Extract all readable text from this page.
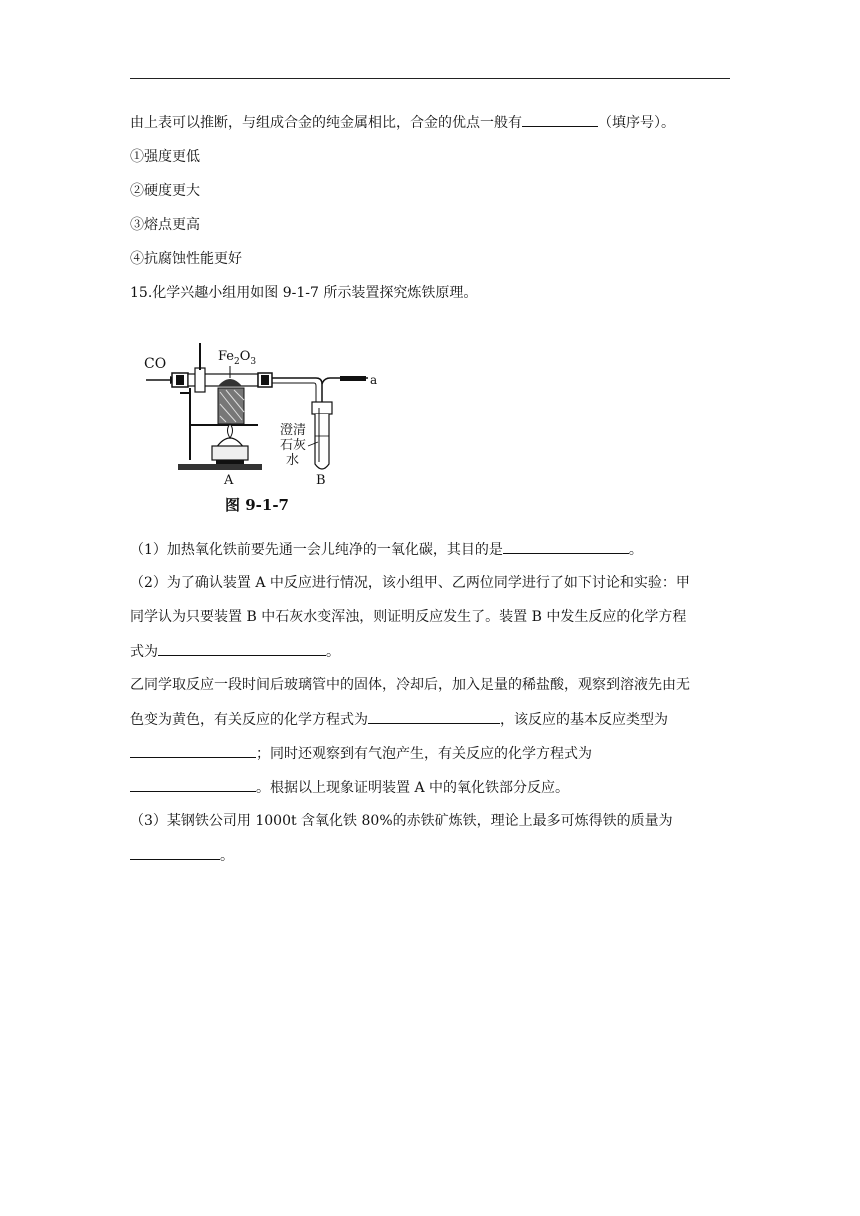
由上表可以推断，与组成合金的纯金属相比，合金的优点一般有	（填序号）。
①强度更低
②硬度更大
③熔点更高
④抗腐蚀性能更好
15.化学兴趣小组用如图 9-1-7 所示装置探究炼铁原理。
CO	$Fe_2O_3$
a
A
澄清
石灰
水
B
图 9-1-7
（1）加热氧化铁前要先通一会儿纯净的一氧化碳，其目的是	。
（2）为了确认装置 A 中反应进行情况，该小组甲、乙两位同学进行了如下讨论和实验：甲
同学认为只要装置 B 中石灰水变浑浊，则证明反应发生了。装置 B 中发生反应的化学方程
式为	。
乙同学取反应一段时间后玻璃管中的固体，冷却后，加入足量的稀盐酸，观察到溶液先由无
色变为黄色，有关反应的化学方程式为	，该反应的基本反应类型为
；同时还观察到有气泡产生，有关反应的化学方程式为
。根据以上现象证明装置 A 中的氧化铁部分反应。
（3）某钢铁公司用 1000t 含氧化铁 80%的赤铁矿炼铁，理论上最多可炼得铁的质量为
。
